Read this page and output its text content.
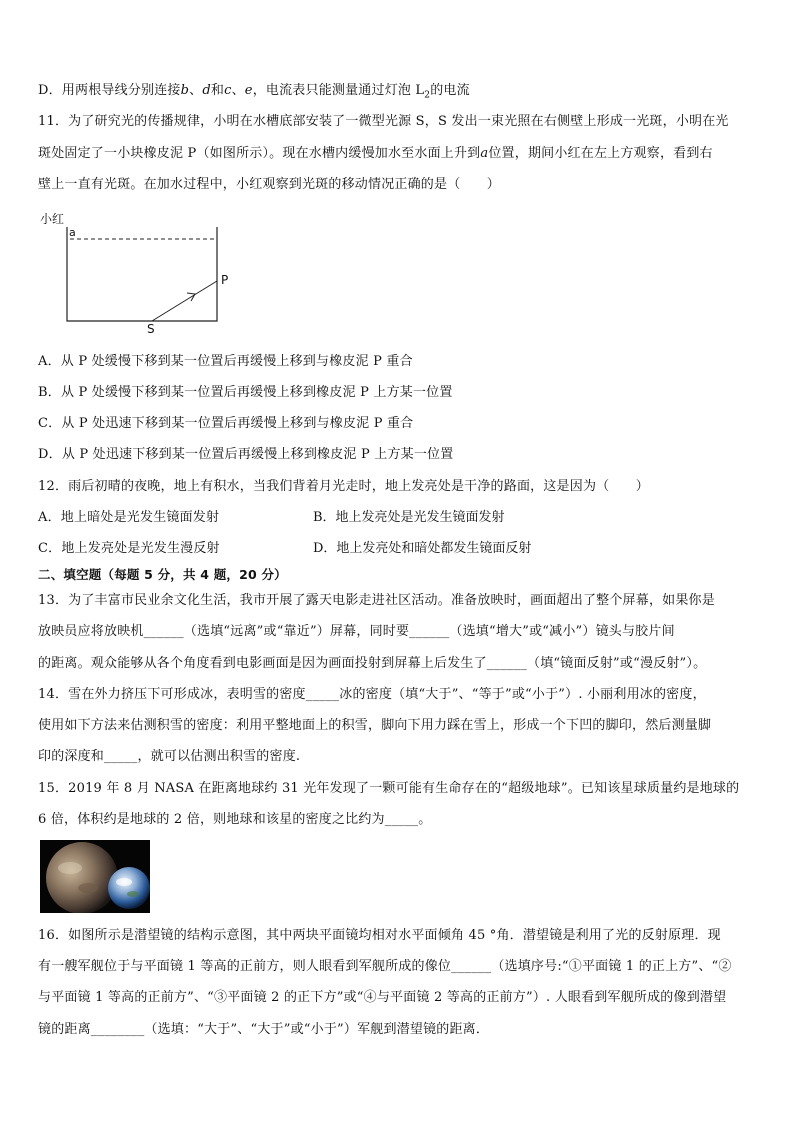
D．用两根导线分别连接b、d和c、e，电流表只能测量通过灯泡 $L_2$的电流
11．为了研究光的传播规律，小明在水槽底部安装了一微型光源 S，S 发出一束光照在右侧壁上形成一光斑，小明在光
斑处固定了一小块橡皮泥 P（如图所示）。现在水槽内缓慢加水至水面上升到a位置，期间小红在左上方观察，看到右
壁上一直有光斑。在加水过程中，小红观察到光斑的移动情况正确的是（　　）
小红
a
P
S
A．从 P 处缓慢下移到某一位置后再缓慢上移到与橡皮泥 P 重合
B．从 P 处缓慢下移到某一位置后再缓慢上移到橡皮泥 P 上方某一位置
C．从 P 处迅速下移到某一位置后再缓慢上移到与橡皮泥 P 重合
D．从 P 处迅速下移到某一位置后再缓慢上移到橡皮泥 P 上方某一位置
12．雨后初晴的夜晚，地上有积水，当我们背着月光走时，地上发亮处是干净的路面，这是因为（　　）
A．地上暗处是光发生镜面发射	B．地上发亮处是光发生镜面发射
C．地上发亮处是光发生漫反射	D．地上发亮处和暗处都发生镜面反射
二、填空题（每题 5 分，共 4 题，20 分）
13．为了丰富市民业余文化生活，我市开展了露天电影走进社区活动。准备放映时，画面超出了整个屏幕，如果你是
放映员应将放映机______（选填“远离”或“靠近”）屏幕，同时要______（选填“增大”或“减小”）镜头与胶片间
的距离。观众能够从各个角度看到电影画面是因为画面投射到屏幕上后发生了______（填“镜面反射”或“漫反射”）。
14．雪在外力挤压下可形成冰，表明雪的密度_____冰的密度（填“大于”、“等于”或“小于”）. 小丽利用冰的密度，
使用如下方法来估测积雪的密度：利用平整地面上的积雪，脚向下用力踩在雪上，形成一个下凹的脚印，然后测量脚
印的深度和_____，就可以估测出积雪的密度.
15．2019 年 8 月 NASA 在距离地球约 31 光年发现了一颗可能有生命存在的“超级地球”。已知该星球质量约是地球的
6 倍，体积约是地球的 2 倍，则地球和该星的密度之比约为_____。
16．如图所示是潜望镜的结构示意图，其中两块平面镜均相对水平面倾角 45 °角．潜望镜是利用了光的反射原理．现
有一艘军舰位于与平面镜 1 等高的正前方，则人眼看到军舰所成的像位______（选填序号:“①平面镜 1 的正上方”、“②
与平面镜 1 等高的正前方”、“③平面镜 2 的正下方”或“④与平面镜 2 等高的正前方”）. 人眼看到军舰所成的像到潜望
镜的距离________（选填：“大于”、“大于”或“小于”）军舰到潜望镜的距离．
